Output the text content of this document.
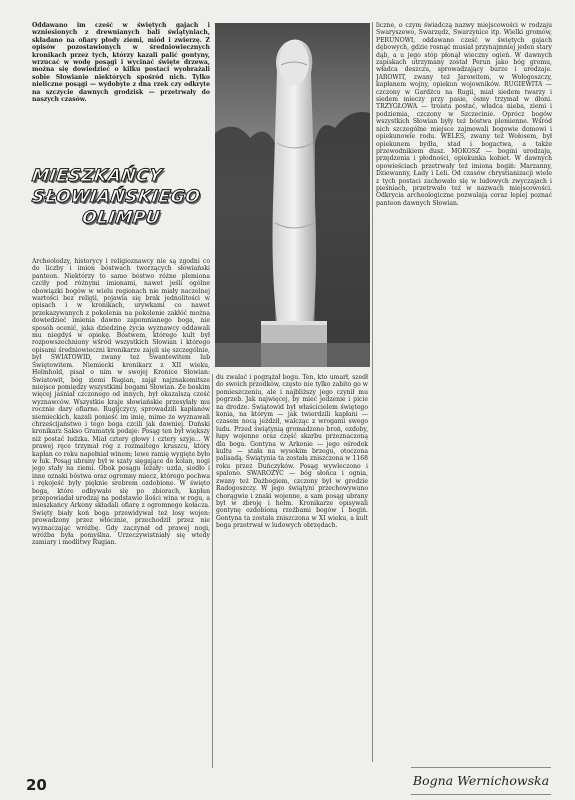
Oddawano im cześć w świętych gajach i wzniesionych z drewnianych bali świątyniach, składano na ofiary płody ziemi, miód i zwierzę. Z opisów pozostawionych w średniowiecznych kronikach przez tych, którzy kazali palić gontyny, wrzucać w wodę posągi i wycinać święte drzewa, można się dowiedzieć o kilku postaci wyobrażali sobie Słowianie niektórych spośród nich. Tylko nieliczne posągi — wydobyte z dna rzek czy odkryte na szczycie dawnych grodzisk — przetrwały do naszych czasów.
MIESZKAŃCY
SŁOWIAŃSKIEGO
OLIMPU
Archeolodzy, historycy i religioznawcy nie są zgodni co do liczby i imion bóstwach tworzących słowiański panteon. Niektórzy to samo bóstwo różne plemiona czciły pod różnymi imionami, nawet jeśli ogólne obowiązki bogów w wielu regionach nie miały naczelnej wartości bez religii, pojawia się brak jednolitości w opisach i w kronikach, urywkami co nawet przekazywanych z pokolenia na pokolenie zakłóć można dowiedzieć imienia dawno zapomnianego boga, nie sposób ocenić, jaka dziedzinę życia wyznawcy oddawali mu niegdyś w opiekę. Bóstwem, którego kult był rozpowszechniony wśród wszystkich Słowian i którego opisami średniowieczni kronikarze zajęli się szczególnie, był ŚWIATOWID, zwany też Swantewitem lub Świętowitem. Niemiecki kronikarz z XII wieku, Helmhold, pisał o nim w swojej Kronice Słowian: Światowit, bóg ziemi Rugian, zajął najznakomitsze miejsce pomiędzy wszystkimi bogami Słowian. Ze boskim więcej jaśniał czczonego od innych, był okazalszą cześć wyznawców. Wszystkie kraje słowiańskie przesyłały mu rocznie dary ofiarne. Rugijczycy, sprowadzili kapłanów niemieckich, kazali ponieść im imię, mimo że wyznawali chrześcijaństwo i tego boga czcili jak dawniej. Duński kronikarz Sakso Gramatyk podaje: Posąg ten był większy niż postać ludzka. Miał cztery głowy i cztery szyje... W prawej ręce trzymał róg z rozmaitego kruszcu, który kapłan co roku napełniał winem; lewe ramię wygięte było w łuk. Posąg ubrany był w szaty sięgające do kolan, nogi jego stały na ziemi. Obok posągu leżały: uzda, siodło i inne oznaki bóstwa oraz ogromny miecz, którego pochwa i rękojeść były pięknie srebrem ozdobione. W święto boga, które odbywało się po zbiorach, kapłan przepowiadał urodzaj na podstawie ilości wina w rogu, a mieszkańcy Arkony składali ofiarę z ogromnego kołacza. Święty biały koń boga przewidywał też losy wojen: prowadzony przez włócznie, przechodził przez nie wyznaczając wróżbę. Gdy zaczynał od prawej nogi, wróżba była pomyślna. Urzeczywistniały się wtedy zamiary i modlitwy Rugian.
du zwalać i pogrążał bogu. Ten, kto umarł, szedł do swoich przodków, często nie tylko zabito go w pomieszczeniu, ale i najbliższy jego czynił mu pogrzeb. Jak najwięcej, by mieć jedzenie i picie na drodze. Świątowid był właścicielem świętego konia, na którym — jak twierdzili kapłani — czasem nocą jeździł, walcząc z wrogami swego ludu. Przed świątynią gromadzono broń, ozdoby, łupy wojenne oraz część skarbu przeznaczoną dla boga. Gontyna w Arkonie — jego ośrodek kultu — stała na wysokim brzegu, otoczona palisadą. Świątynia ta została zniszczona w 1168 roku przez Duńczyków. Posąg wywleczono i spalono. SWAROŻYC — bóg słońca i ognia, zwany też Dażbogiem, czczony był w grodzie Radogoszczy. W jego świątyni przechowywano chorągwie i znaki wojenne, a sam posąg ubrany był w zbroję i hełm. Kronikarze opisywali gontynę ozdobioną rzeźbami bogów i bogiń. Gontyna ta została zniszczona w XI wieku, a kult boga przetrwał w ludowych obrzędach.
liczne, o czym świadczą nazwy miejscowości w rodzaju Swaryszewo, Swarzędz, Swarzynice itp. Wielki gromów, PERUNOWI, oddawano cześć w świętych gajach dębowych, gdzie rosnąć musiał przynajmniej jeden stary dąb, a u jego stóp płonął wieczny ogień. W dawnych zapiskach utrzymany został Perun jako bóg gromu, władca deszczu, sprowadzający burze i urodzaje. JAROWIT, zwany też Jarowitem, w Wołogoszczy, kapłanem wojny, opiekun wojowników. RUGIEWITA — czczony w Gardźcu na Rugii, miał siedem twarzy i siedem mieczy przy pasie, ósmy trzymał w dłoni. TRZYGŁOWA — troista postać, władca nieba, ziemi i podziemia, czczony w Szczecinie. Oprócz bogów wszystkich Słowian były też bóstwa plemienne. Wśród nich szczególne miejsce zajmowali bogowie domowi i opiekunowie rodu. WELES, zwany też Wołosem, był opiekunem bydła, stad i bogactwa, a także przewodnikiem dusz. MOKOSZ — bogini urodzaju, przędzenia i płodności, opiekunka kobiet. W dawnych opowieściach przetrwały też imiona bogiń: Marzanny, Dziewanny, Łady i Leli. Od czasów chrystianizacji wiele z tych postaci zachowało się w ludowych zwyczajach i pieśniach, przetrwało też w nazwach miejscowości. Odkrycia archeologiczne pozwalają coraz lepiej poznać panteon dawnych Słowian.
20	Bogna Wernichowska
